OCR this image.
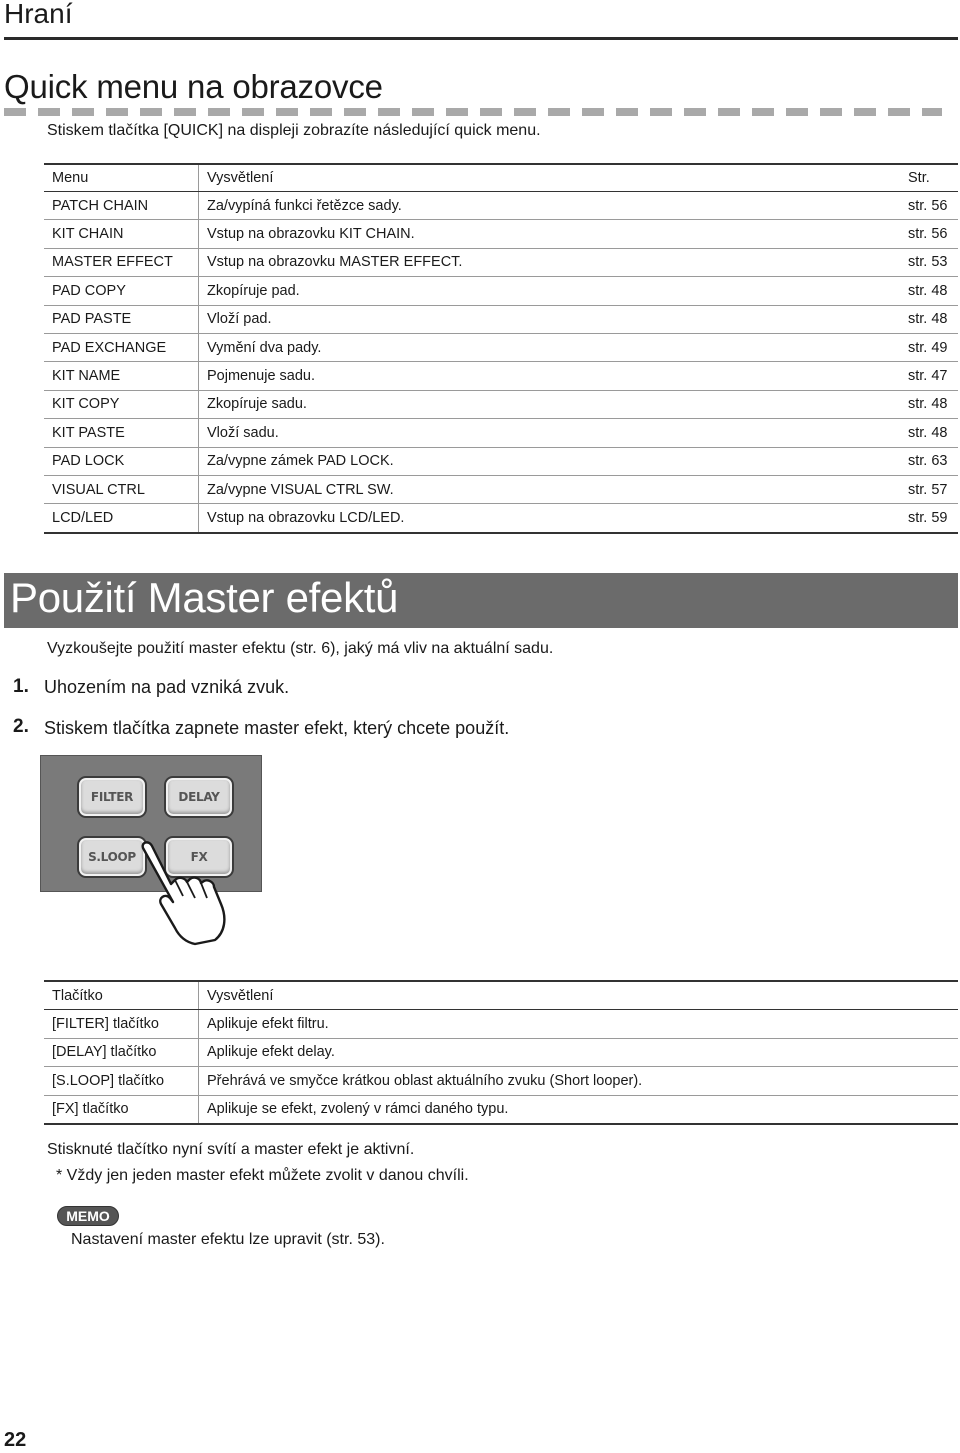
Hraní
Quick menu na obrazovce
Stiskem tlačítka [QUICK] na displeji zobrazíte následující quick menu.
Menu	Vysvětlení	Str.
PATCH CHAIN	Za/vypíná funkci řetězce sady.	str. 56
KIT CHAIN	Vstup na obrazovku KIT CHAIN.	str. 56
MASTER EFFECT	Vstup na obrazovku MASTER EFFECT.	str. 53
PAD COPY	Zkopíruje pad.	str. 48
PAD PASTE	Vloží pad.	str. 48
PAD EXCHANGE	Vymění dva pady.	str. 49
KIT NAME	Pojmenuje sadu.	str. 47
KIT COPY	Zkopíruje sadu.	str. 48
KIT PASTE	Vloží sadu.	str. 48
PAD LOCK	Za/vypne zámek PAD LOCK.	str. 63
VISUAL CTRL	Za/vypne VISUAL CTRL SW.	str. 57
LCD/LED	Vstup na obrazovku LCD/LED.	str. 59
Použití Master efektů
Vyzkoušejte použití master efektu (str. 6), jaký má vliv na aktuální sadu.
1. Uhozením na pad vzniká zvuk.
2. Stiskem tlačítka zapnete master efekt, který chcete použít.
FILTER	DELAY
S.LOOP	FX
Tlačítko	Vysvětlení
[FILTER] tlačítko	Aplikuje efekt filtru.
[DELAY] tlačítko	Aplikuje efekt delay.
[S.LOOP] tlačítko	Přehrává ve smyčce krátkou oblast aktuálního zvuku (Short looper).
[FX] tlačítko	Aplikuje se efekt, zvolený v rámci daného typu.
Stisknuté tlačítko nyní svítí a master efekt je aktivní.
* Vždy jen jeden master efekt můžete zvolit v danou chvíli.
MEMO
Nastavení master efektu lze upravit (str. 53).
22
